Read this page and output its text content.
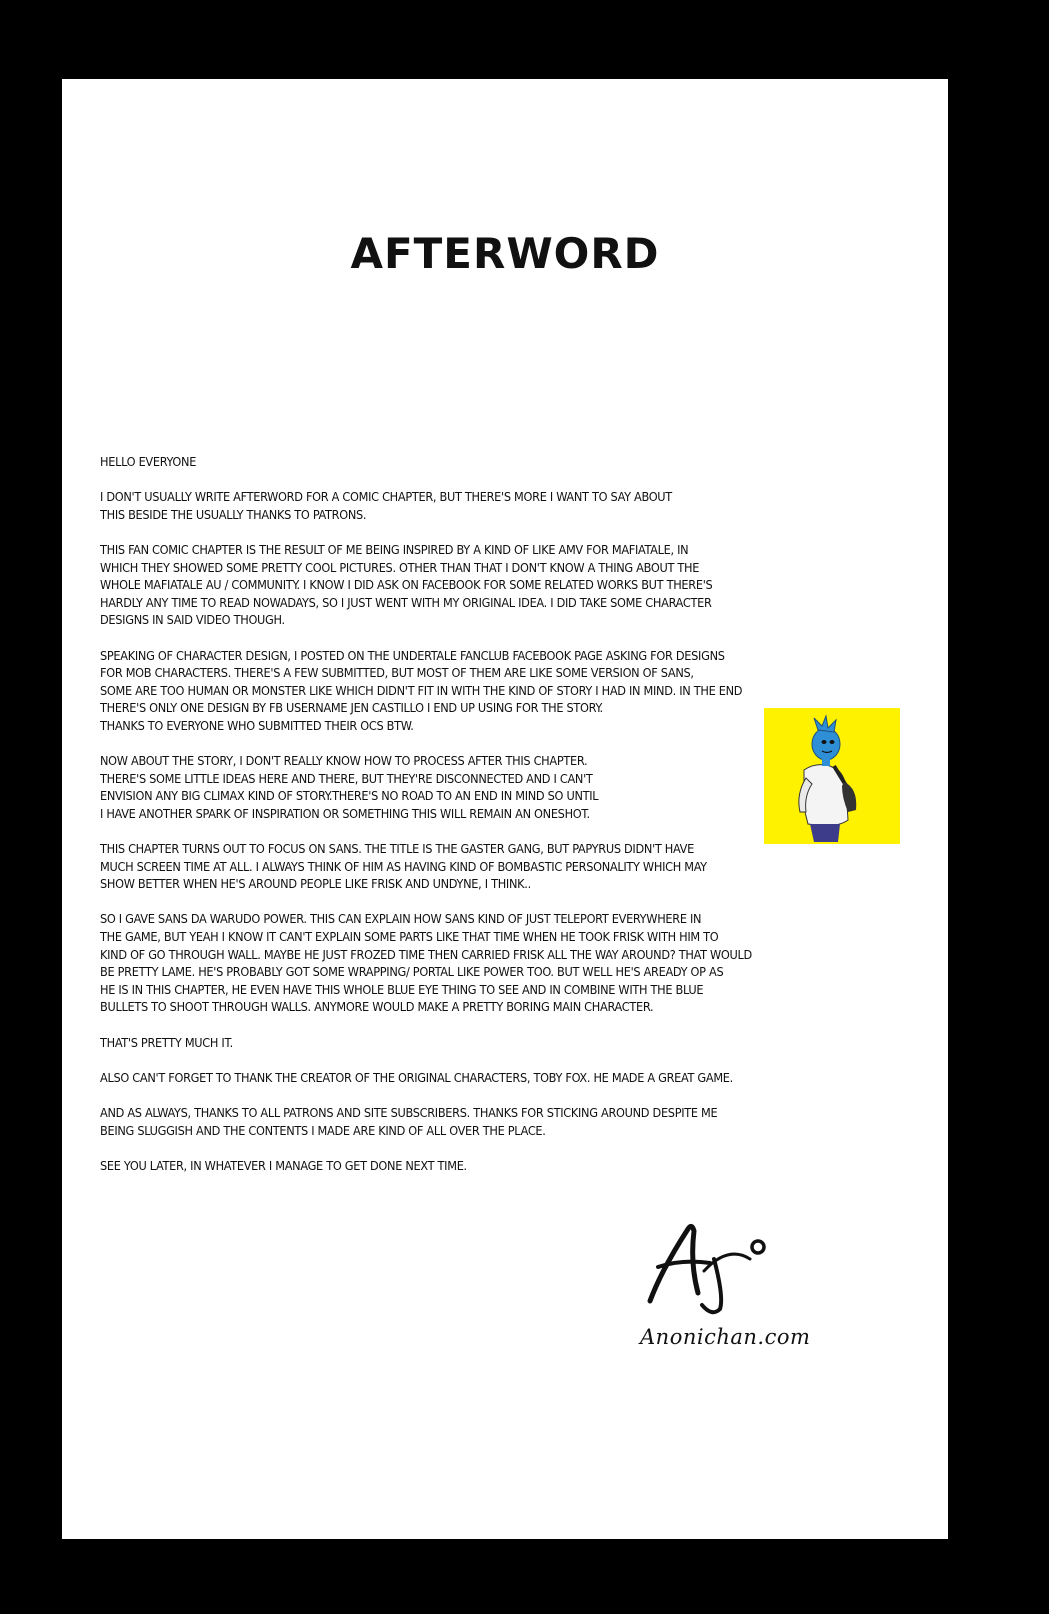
AFTERWORD

HELLO EVERYONE

I DON'T USUALLY WRITE AFTERWORD FOR A COMIC CHAPTER, BUT THERE'S MORE I WANT TO SAY ABOUT
THIS BESIDE THE USUALLY THANKS TO PATRONS.

THIS FAN COMIC CHAPTER IS THE RESULT OF ME BEING INSPIRED BY A KIND OF LIKE AMV FOR MAFIATALE, IN
WHICH THEY SHOWED SOME PRETTY COOL PICTURES. OTHER THAN THAT I DON'T KNOW A THING ABOUT THE
WHOLE MAFIATALE AU / COMMUNITY. I KNOW I DID ASK ON FACEBOOK FOR SOME RELATED WORKS BUT THERE'S
HARDLY ANY TIME TO READ NOWADAYS, SO I JUST WENT WITH MY ORIGINAL IDEA. I DID TAKE SOME CHARACTER
DESIGNS IN SAID VIDEO THOUGH.

SPEAKING OF CHARACTER DESIGN, I POSTED ON THE UNDERTALE FANCLUB FACEBOOK PAGE ASKING FOR DESIGNS
FOR MOB CHARACTERS. THERE'S A FEW SUBMITTED, BUT MOST OF THEM ARE LIKE SOME VERSION OF SANS,
SOME ARE TOO HUMAN OR MONSTER LIKE WHICH DIDN'T FIT IN WITH THE KIND OF STORY I HAD IN MIND. IN THE END
THERE'S ONLY ONE DESIGN BY FB USERNAME JEN CASTILLO I END UP USING FOR THE STORY.
THANKS TO EVERYONE WHO SUBMITTED THEIR OCS BTW.

NOW ABOUT THE STORY, I DON'T REALLY KNOW HOW TO PROCESS AFTER THIS CHAPTER.
THERE'S SOME LITTLE IDEAS HERE AND THERE, BUT THEY'RE DISCONNECTED AND I CAN'T
ENVISION ANY BIG CLIMAX KIND OF STORY.THERE'S NO ROAD TO AN END IN MIND SO UNTIL
I HAVE ANOTHER SPARK OF INSPIRATION OR SOMETHING THIS WILL REMAIN AN ONESHOT.

THIS CHAPTER TURNS OUT TO FOCUS ON SANS. THE TITLE IS THE GASTER GANG, BUT PAPYRUS DIDN'T HAVE
MUCH SCREEN TIME AT ALL. I ALWAYS THINK OF HIM AS HAVING KIND OF BOMBASTIC PERSONALITY WHICH MAY
SHOW BETTER WHEN HE'S AROUND PEOPLE LIKE FRISK AND UNDYNE, I THINK..

SO I GAVE SANS DA WARUDO POWER. THIS CAN EXPLAIN HOW SANS KIND OF JUST TELEPORT EVERYWHERE IN
THE GAME, BUT YEAH I KNOW IT CAN'T EXPLAIN SOME PARTS LIKE THAT TIME WHEN HE TOOK FRISK WITH HIM TO
KIND OF GO THROUGH WALL. MAYBE HE JUST FROZED TIME THEN CARRIED FRISK ALL THE WAY AROUND? THAT WOULD
BE PRETTY LAME. HE'S PROBABLY GOT SOME WRAPPING/ PORTAL LIKE POWER TOO. BUT WELL HE'S AREADY OP AS
HE IS IN THIS CHAPTER, HE EVEN HAVE THIS WHOLE BLUE EYE THING TO SEE AND IN COMBINE WITH THE BLUE
BULLETS TO SHOOT THROUGH WALLS. ANYMORE WOULD MAKE A PRETTY BORING MAIN CHARACTER.

THAT'S PRETTY MUCH IT.

ALSO CAN'T FORGET TO THANK THE CREATOR OF THE ORIGINAL CHARACTERS, TOBY FOX. HE MADE A GREAT GAME.

AND AS ALWAYS, THANKS TO ALL PATRONS AND SITE SUBSCRIBERS. THANKS FOR STICKING AROUND DESPITE ME
BEING SLUGGISH AND THE CONTENTS I MADE ARE KIND OF ALL OVER THE PLACE.

SEE YOU LATER, IN WHATEVER I MANAGE TO GET DONE NEXT TIME.

Anonichan.com
